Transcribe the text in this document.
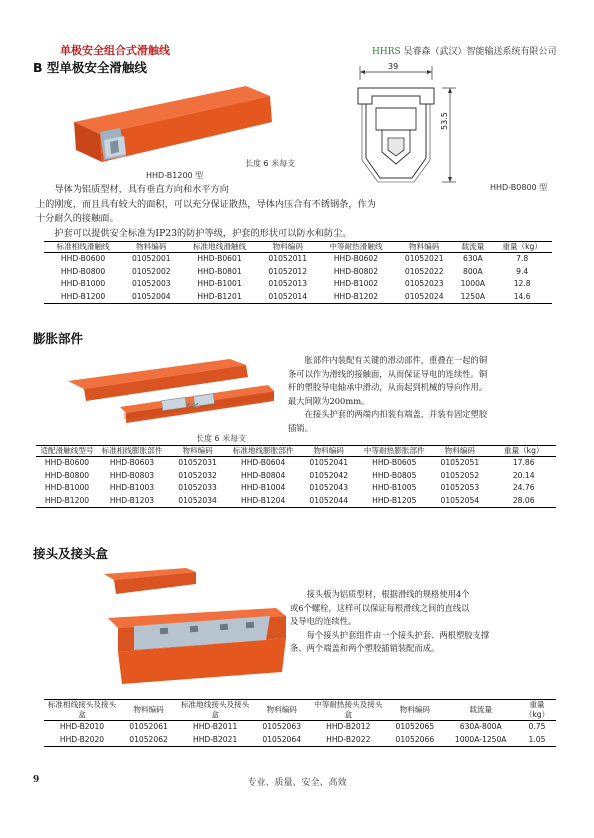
单极安全组合式滑触线	HHRS 吴睿森（武汉）智能输送系统有限公司
B 型单极安全滑触线
HHD-B1200 型
长度 6 米每支
39
53.5
HHD-B0800 型
　　导体为铝质型材，具有垂直方向和水平方向
上的刚度，而且具有较大的面积，可以充分保证散热，导体内压合有不锈钢条，作为
十分耐久的接触面。
　　护套可以提供安全标准为IP23的防护等级，护套的形状可以防水和防尘。
标准相线滑触线	物料编码	标准地线滑触线	物料编码	中等耐热滑触线	物料编码	载流量	重量（kg）
HHD-B0600	01052001	HHD-B0601	01052011	HHD-B0602	01052021	630A	7.8
HHD-B0800	01052002	HHD-B0801	01052012	HHD-B0802	01052022	800A	9.4
HHD-B1000	01052003	HHD-B1001	01052013	HHD-B1002	01052023	1000A	12.8
HHD-B1200	01052004	HHD-B1201	01052014	HHD-B1202	01052024	1250A	14.6
膨胀部件
长度 6 米每支
　　胀部件内装配有关键的滑动部件，重叠在一起的铜
条可以作为滑线的接触面，从而保证导电的连续性。铜
杆的塑胶导电轴承中滑动，从而起到机械的导向作用。
最大间隙为200mm。
　　在接头护套的两端内扣装有端盖，并装有固定塑胶
插销。
适配滑触线型号	标准相线膨胀部件	物料编码	标准地线膨胀部件	物料编码	中等耐热膨胀部件	物料编码	重量（kg）
HHD-B0600	HHD-B0603	01052031	HHD-B0604	01052041	HHD-B0605	01052051	17.86
HHD-B0800	HHD-B0803	01052032	HHD-B0804	01052042	HHD-B0805	01052052	20.14
HHD-B1000	HHD-B1003	01052033	HHD-B1004	01052043	HHD-B1005	01052053	24.76
HHD-B1200	HHD-B1203	01052034	HHD-B1204	01052044	HHD-B1205	01052054	28.06
接头及接头盒
　　接头板为铝质型材，根据滑线的规格使用4个
或6个螺栓，这样可以保证每根滑线之间的直线以
及导电的连续性。
　　每个接头护套组件由一个接头护套、两根塑胶支撑
条、两个端盖和两个塑胶插销装配而成。
标准相线接头及接头盒	物料编码	标准地线接头及接头盒	物料编码	中等耐热接头及接头盒	物料编码	载流量	重量（kg）
HHD-B2010	01052061	HHD-B2011	01052063	HHD-B2012	01052065	630A-800A	0.75
HHD-B2020	01052062	HHD-B2021	01052064	HHD-B2022	01052066	1000A-1250A	1.05
专业、质量、安全、高效
9
